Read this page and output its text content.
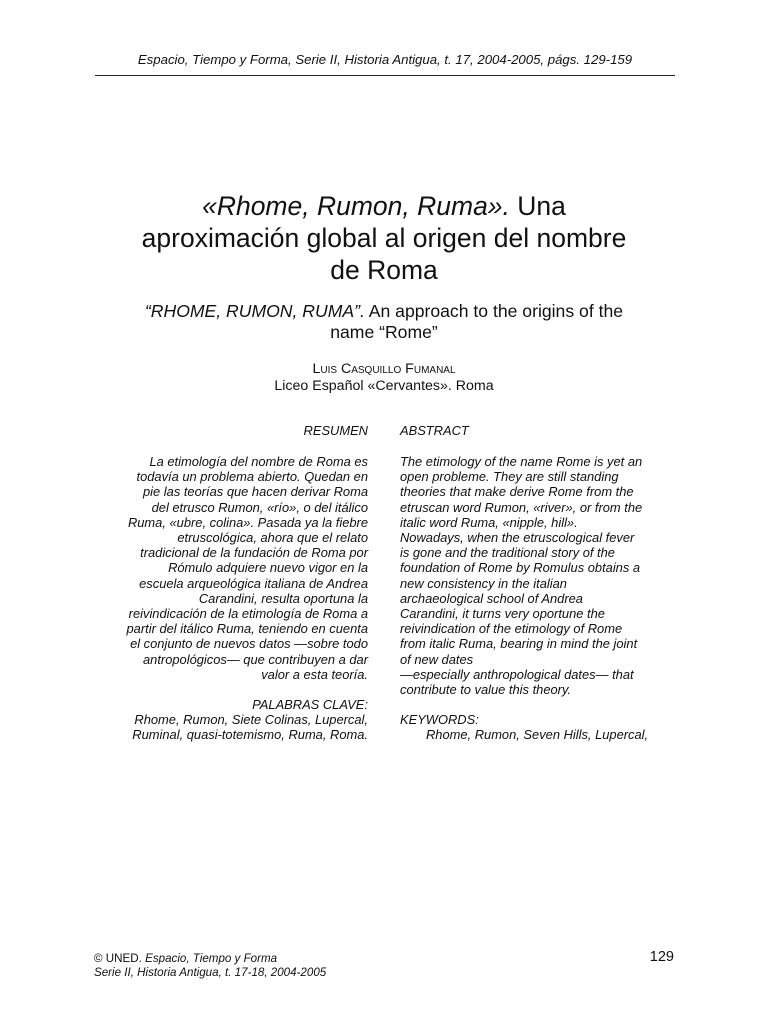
Espacio, Tiempo y Forma, Serie II, Historia Antigua, t. 17, 2004-2005, págs. 129-159
«Rhome, Rumon, Ruma». Una
aproximación global al origen del nombre
de Roma
“RHOME, RUMON, RUMA”. An approach to the origins of the
name “Rome”
Luis Casquillo Fumanal
Liceo Español «Cervantes». Roma
RESUMEN
La etimología del nombre de Roma es
todavía un problema abierto. Quedan en
pie las teorías que hacen derivar Roma
del etrusco Rumon, «río», o del itálico
Ruma, «ubre, colina». Pasada ya la fiebre
etruscológica, ahora que el relato
tradicional de la fundación de Roma por
Rómulo adquiere nuevo vigor en la
escuela arqueológica italiana de Andrea
Carandini, resulta oportuna la
reivindicación de la etimología de Roma a
partir del itálico Ruma, teniendo en cuenta
el conjunto de nuevos datos —sobre todo
antropológicos— que contribuyen a dar
valor a esta teoría.
PALABRAS CLAVE:
Rhome, Rumon, Siete Colinas, Lupercal,
Ruminal, quasi-totemismo, Ruma, Roma.
ABSTRACT
The etimology of the name Rome is yet an
open probleme. They are still standing
theories that make derive Rome from the
etruscan word Rumon, «river», or from the
italic word Ruma, «nipple, hill».
Nowadays, when the etruscological fever
is gone and the traditional story of the
foundation of Rome by Romulus obtains a
new consistency in the italian
archaeological school of Andrea
Carandini, it turns very oportune the
reivindication of the etimology of Rome
from italic Ruma, bearing in mind the joint
of new dates
—especially anthropological dates— that
contribute to value this theory.
KEYWORDS:
Rhome, Rumon, Seven Hills, Lupercal,
© UNED. Espacio, Tiempo y Forma
Serie II, Historia Antigua, t. 17-18, 2004-2005
129
